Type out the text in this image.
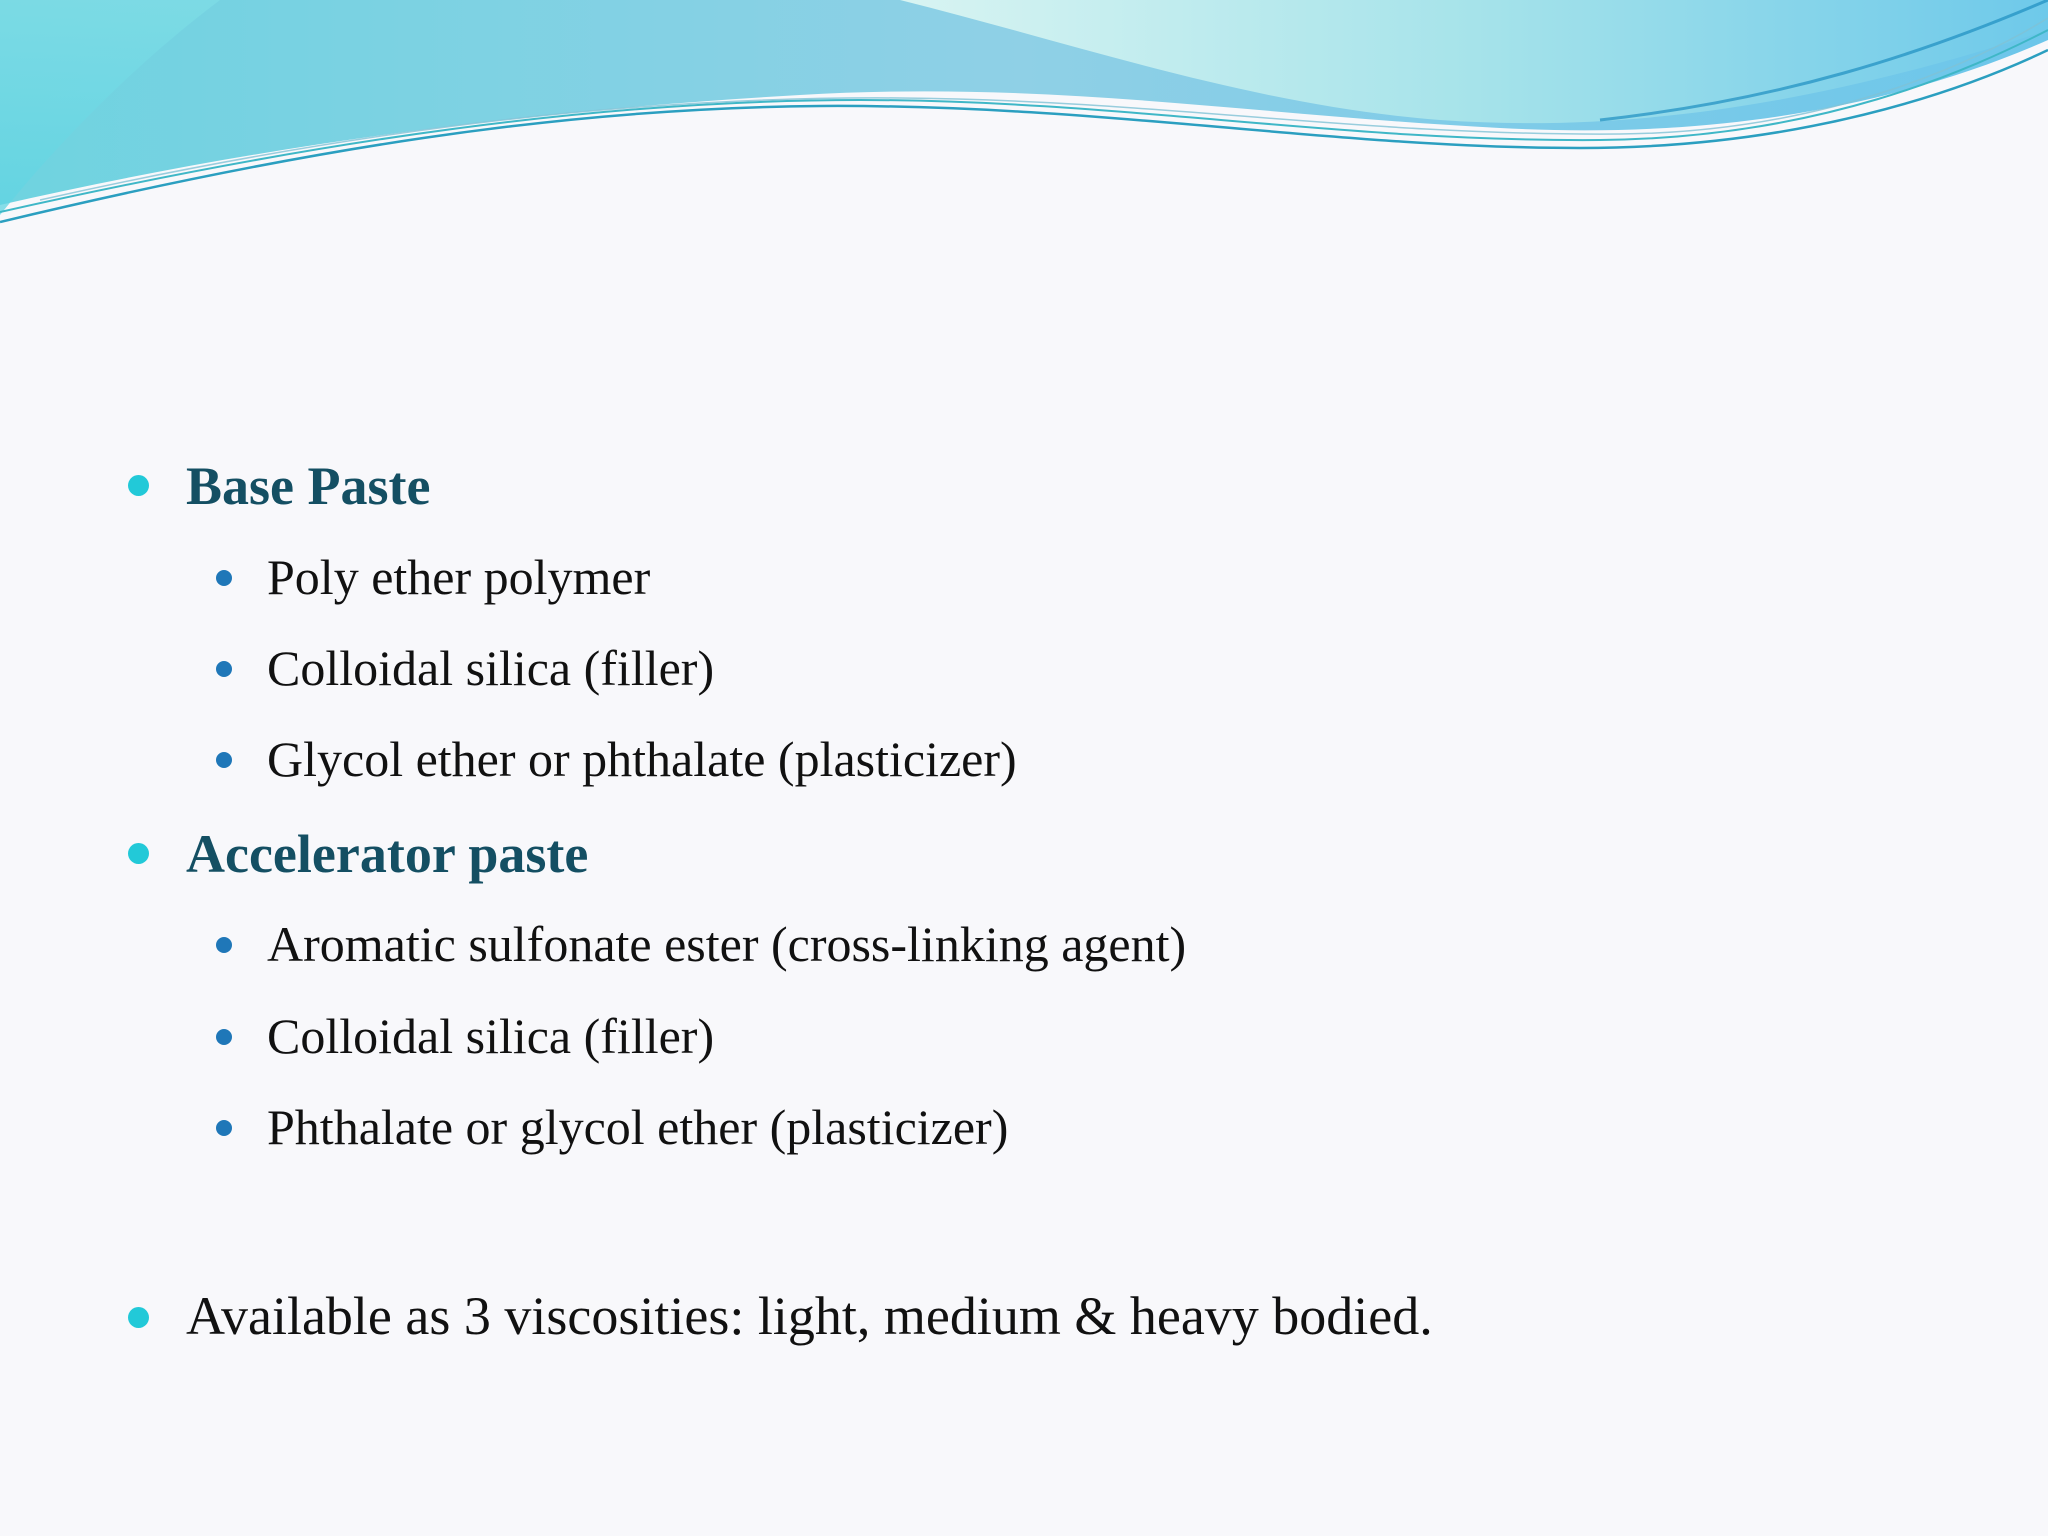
Base Paste
Poly ether polymer
Colloidal silica (filler)
Glycol ether or phthalate (plasticizer)
Accelerator paste
Aromatic sulfonate ester (cross-linking agent)
Colloidal silica (filler)
Phthalate or glycol ether (plasticizer)
Available as 3 viscosities: light, medium & heavy bodied.
